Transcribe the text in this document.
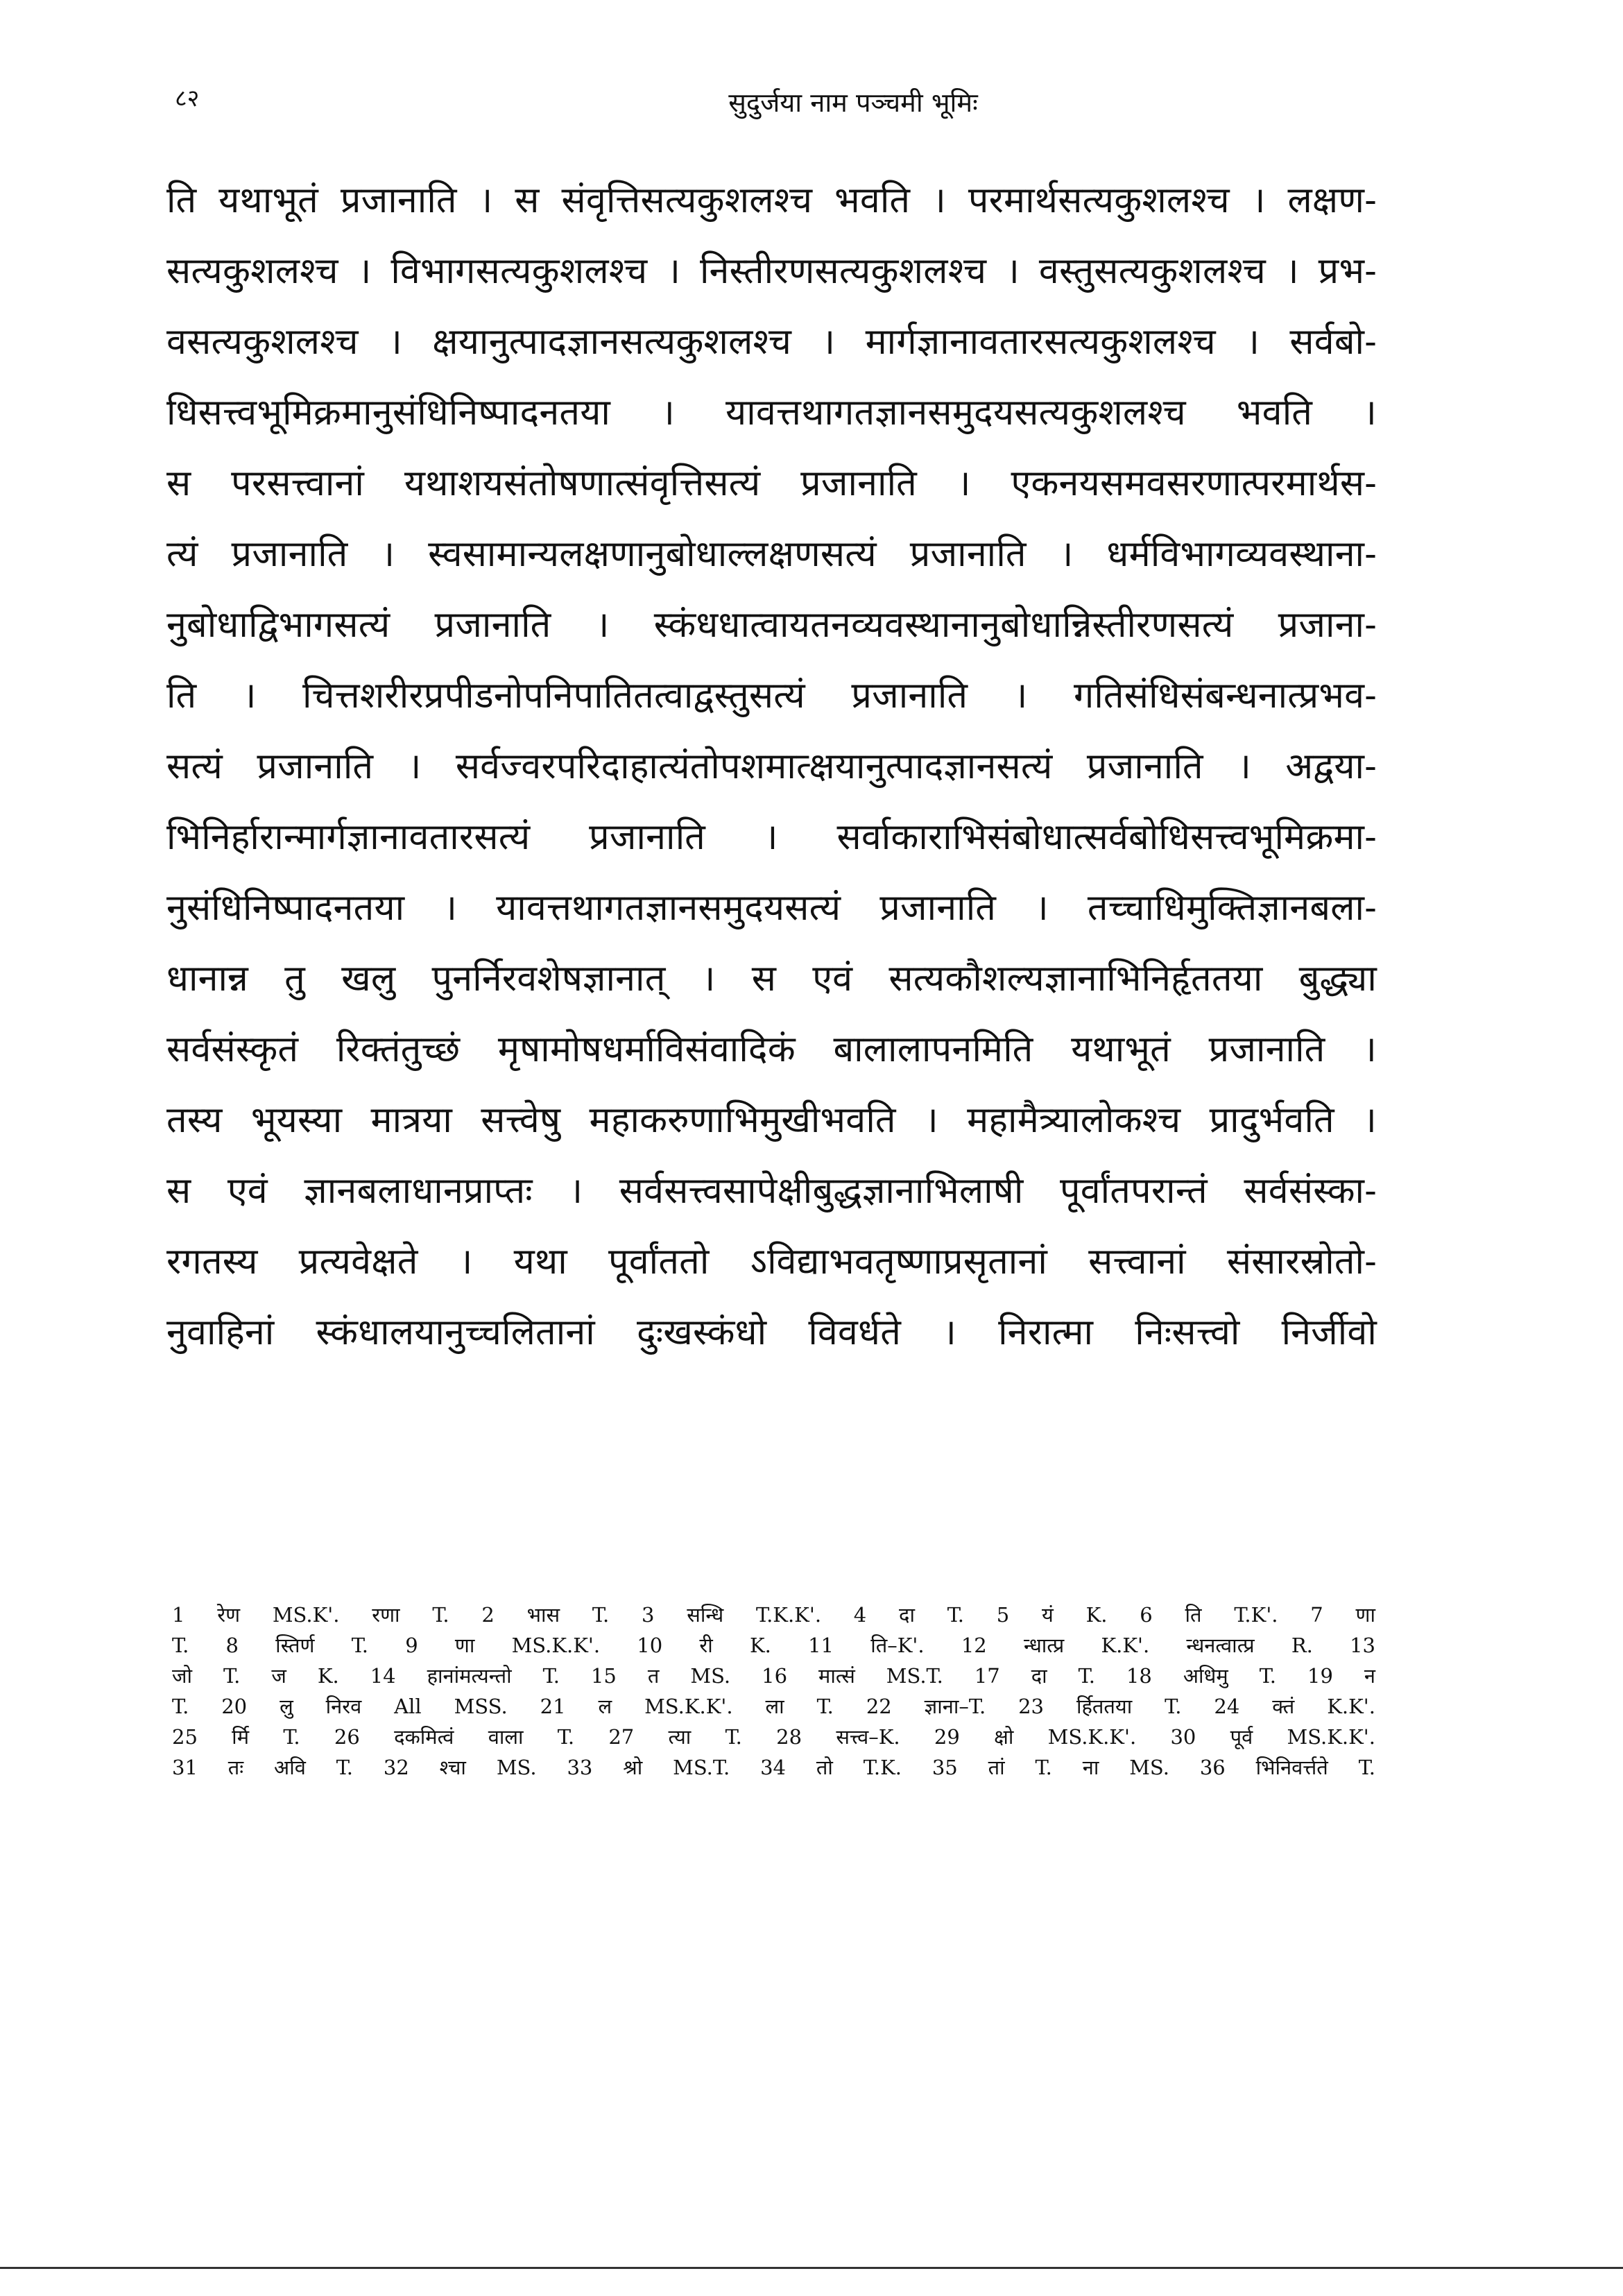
८२	सुदुर्जया नाम पञ्चमी भूमिः
ति यथाभूतं प्रजानाति । स संवृत्तिसत्यकुशलश्च भवति । परमार्थसत्यकुशलश्च । लक्षण-
सत्यकुशलश्च । विभागसत्यकुशलश्च । निस्तीरणसत्यकुशलश्च । वस्तुसत्यकुशलश्च । प्रभ-
वसत्यकुशलश्च । क्षयानुत्पादज्ञानसत्यकुशलश्च । मार्गज्ञानावतारसत्यकुशलश्च । सर्वबो-
धिसत्त्वभूमिक्रमानुसंधिनिष्पादनतया । यावत्तथागतज्ञानसमुदयसत्यकुशलश्च भवति ।
स परसत्त्वानां यथाशयसंतोषणात्संवृत्तिसत्यं प्रजानाति । एकनयसमवसरणात्परमार्थस-
त्यं प्रजानाति । स्वसामान्यलक्षणानुबोधाल्लक्षणसत्यं प्रजानाति । धर्मविभागव्यवस्थाना-
नुबोधाद्विभागसत्यं प्रजानाति । स्कंधधात्वायतनव्यवस्थानानुबोधान्निस्तीरणसत्यं प्रजाना-
ति । चित्तशरीरप्रपीडनोपनिपातितत्वाद्वस्तुसत्यं प्रजानाति । गतिसंधिसंबन्धनात्प्रभव-
सत्यं प्रजानाति । सर्वज्वरपरिदाहात्यंतोपशमात्क्षयानुत्पादज्ञानसत्यं प्रजानाति । अद्वया-
भिनिर्हारान्मार्गज्ञानावतारसत्यं प्रजानाति । सर्वाकाराभिसंबोधात्सर्वबोधिसत्त्वभूमिक्रमा-
नुसंधिनिष्पादनतया । यावत्तथागतज्ञानसमुदयसत्यं प्रजानाति । तच्चाधिमुक्तिज्ञानबला-
धानान्न तु खलु पुनर्निरवशेषज्ञानात् । स एवं सत्यकौशल्यज्ञानाभिनिर्हृततया बुद्ध्या
सर्वसंस्कृतं रिक्तंतुच्छं मृषामोषधर्माविसंवादिकं बालालापनमिति यथाभूतं प्रजानाति ।
तस्य भूयस्या मात्रया सत्त्वेषु महाकरुणाभिमुखीभवति । महामैत्र्यालोकश्च प्रादुर्भवति ।
स एवं ज्ञानबलाधानप्राप्तः । सर्वसत्त्वसापेक्षीबुद्धज्ञानाभिलाषी पूर्वांतपरान्तं सर्वसंस्का-
रगतस्य प्रत्यवेक्षते । यथा पूर्वांततो ऽविद्याभवतृष्णाप्रसृतानां सत्त्वानां संसारस्रोतो-
नुवाहिनां स्कंधालयानुच्चलितानां दुःखस्कंधो विवर्धते । निरात्मा निःसत्त्वो निर्जीवो
1 रेण MS.K'. रणा T. 2 भास T. 3 सन्धि T.K.K'. 4 दा T. 5 यं K. 6 ति T.K'. 7 णा
T. 8 स्तिर्ण T. 9 णा MS.K.K'. 10 री K. 11 ति–K'. 12 न्धात्प्र K.K'. न्धनत्वात्प्र R. 13
जो T. ज K. 14 हानांमत्यन्तो T. 15 त MS. 16 मात्सं MS.T. 17 दा T. 18 अधिमु T. 19 न
T. 20 लु निरव All MSS. 21 ल MS.K.K'. ला T. 22 ज्ञाना–T. 23 र्हिततया T. 24 क्तं K.K'.
25 र्मि T. 26 दकमित्वं वाला T. 27 त्या T. 28 सत्त्व–K. 29 क्षो MS.K.K'. 30 पूर्व MS.K.K'.
31 तः अवि T. 32 श्चा MS. 33 श्रो MS.T. 34 तो T.K. 35 तां T. ना MS. 36 भिनिवर्त्तते T.
